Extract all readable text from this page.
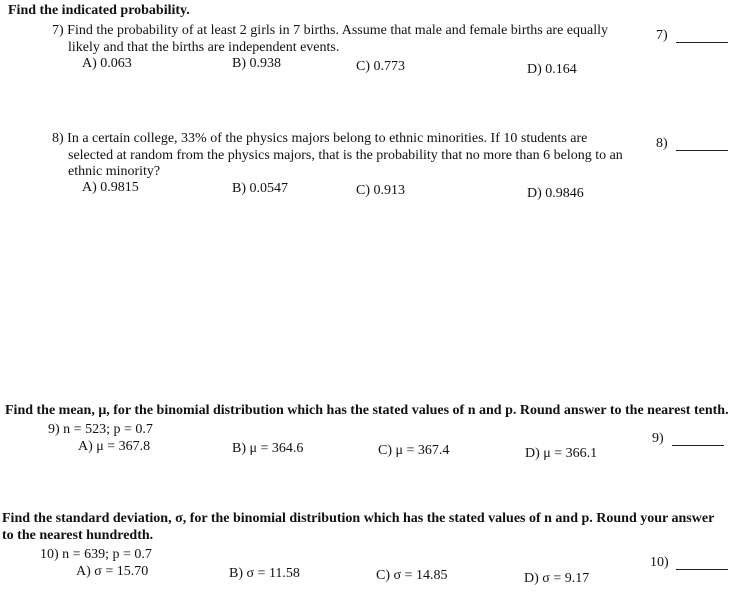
Find the indicated probability.
7) Find the probability of at least 2 girls in 7 births. Assume that male and female births are equally
likely and that the births are independent events.
A) 0.063	B) 0.938	C) 0.773	D) 0.164
7)
8) In a certain college, 33% of the physics majors belong to ethnic minorities. If 10 students are
selected at random from the physics majors, that is the probability that no more than 6 belong to an
ethnic minority?
A) 0.9815	B) 0.0547	C) 0.913	D) 0.9846
8)
Find the mean, μ, for the binomial distribution which has the stated values of n and p. Round answer to the nearest tenth.
9) n = 523; p = 0.7
A) μ = 367.8	B) μ = 364.6	C) μ = 367.4	D) μ = 366.1
9)
Find the standard deviation, σ, for the binomial distribution which has the stated values of n and p. Round your answer
to the nearest hundredth.
10) n = 639; p = 0.7
A) σ = 15.70	B) σ = 11.58	C) σ = 14.85	D) σ = 9.17
10)
